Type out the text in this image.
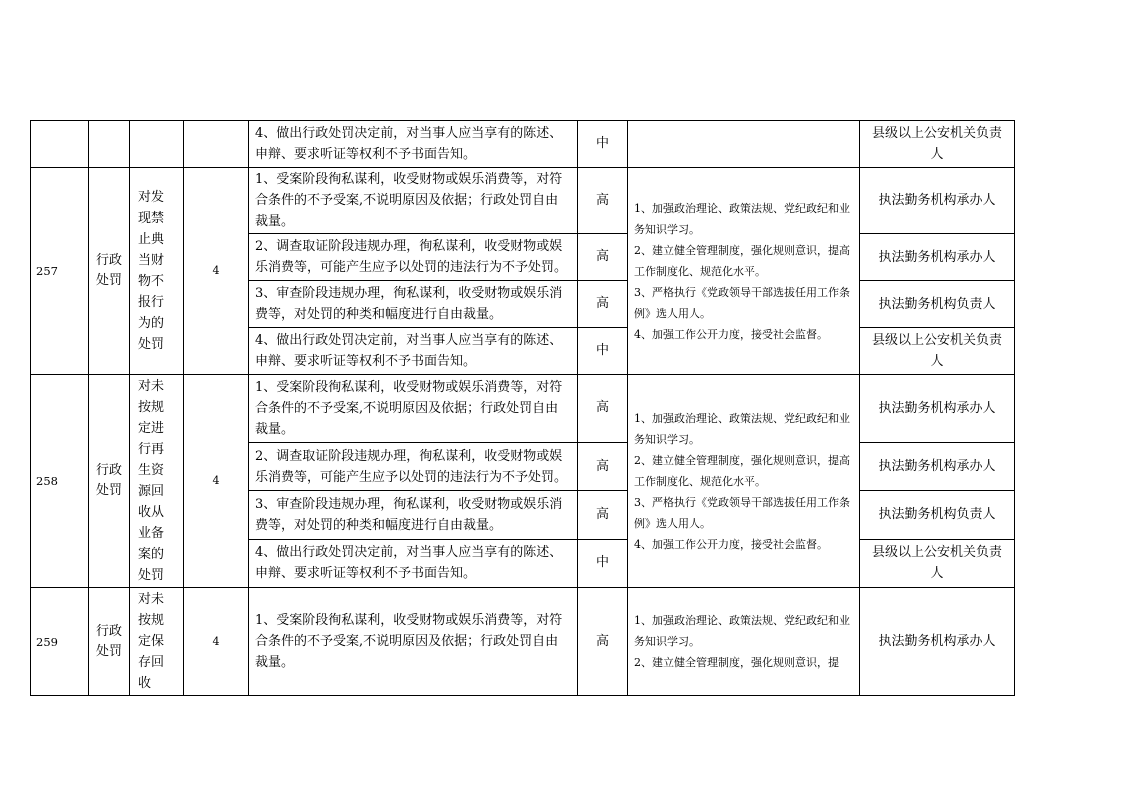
				4、做出行政处罚决定前，对当事人应当享有的陈述、申辩、要求听证等权利不予书面告知。	中		县级以上公安机关负责人
257	行政处罚	对发现禁止典当财物不报行为的处罚	4	1、受案阶段徇私谋利，收受财物或娱乐消费等，对符合条件的不予受案,不说明原因及依据；行政处罚自由裁量。	高	1、加强政治理论、政策法规、党纪政纪和业务知识学习。
2、建立健全管理制度，强化规则意识，提高工作制度化、规范化水平。
3、严格执行《党政领导干部选拔任用工作条例》选人用人。
4、加强工作公开力度，接受社会监督。	执法勤务机构承办人
				2、调查取证阶段违规办理，徇私谋利，收受财物或娱乐消费等，可能产生应予以处罚的违法行为不予处罚。	高		执法勤务机构承办人
				3、审查阶段违规办理，徇私谋利，收受财物或娱乐消费等，对处罚的种类和幅度进行自由裁量。	高		执法勤务机构负责人
				4、做出行政处罚决定前，对当事人应当享有的陈述、申辩、要求听证等权利不予书面告知。	中		县级以上公安机关负责人
258	行政处罚	对未按规定进行再生资源回收从业备案的处罚	4	1、受案阶段徇私谋利，收受财物或娱乐消费等，对符合条件的不予受案,不说明原因及依据；行政处罚自由裁量。	高	1、加强政治理论、政策法规、党纪政纪和业务知识学习。
2、建立健全管理制度，强化规则意识，提高工作制度化、规范化水平。
3、严格执行《党政领导干部选拔任用工作条例》选人用人。
4、加强工作公开力度，接受社会监督。	执法勤务机构承办人
				2、调查取证阶段违规办理，徇私谋利，收受财物或娱乐消费等，可能产生应予以处罚的违法行为不予处罚。	高		执法勤务机构承办人
				3、审查阶段违规办理，徇私谋利，收受财物或娱乐消费等，对处罚的种类和幅度进行自由裁量。	高		执法勤务机构负责人
				4、做出行政处罚决定前，对当事人应当享有的陈述、申辩、要求听证等权利不予书面告知。	中		县级以上公安机关负责人
259	行政处罚	对未按规定保存回收	4	1、受案阶段徇私谋利，收受财物或娱乐消费等，对符合条件的不予受案,不说明原因及依据；行政处罚自由裁量。	高	1、加强政治理论、政策法规、党纪政纪和业务知识学习。
2、建立健全管理制度，强化规则意识，提	执法勤务机构承办人
